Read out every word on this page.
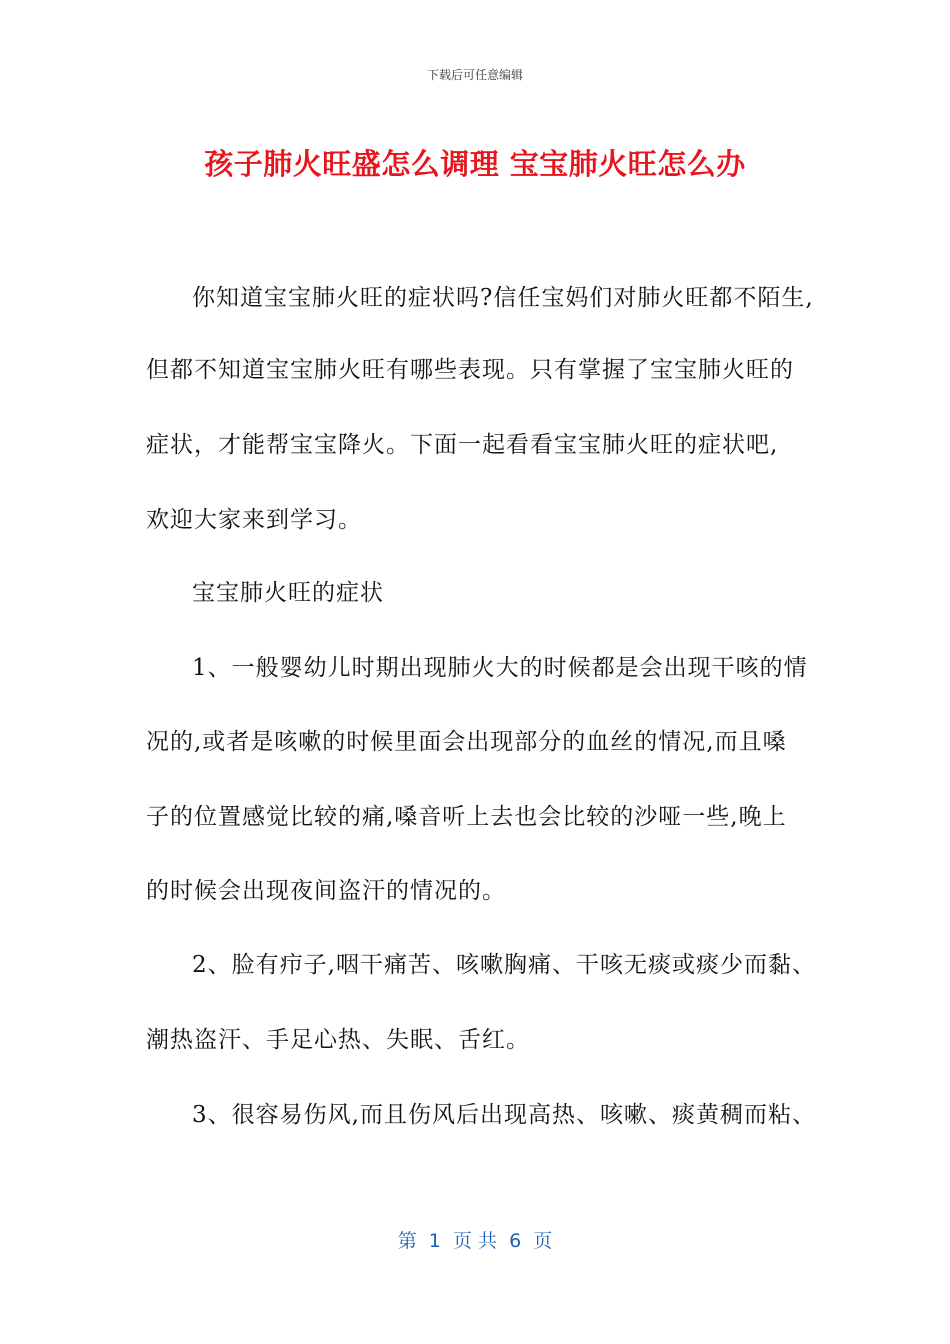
下载后可任意编辑
孩子肺火旺盛怎么调理 宝宝肺火旺怎么办
你知道宝宝肺火旺的症状吗?信任宝妈们对肺火旺都不陌生,
但都不知道宝宝肺火旺有哪些表现。只有掌握了宝宝肺火旺的
症状，才能帮宝宝降火。下面一起看看宝宝肺火旺的症状吧,
欢迎大家来到学习。
宝宝肺火旺的症状
1、一般婴幼儿时期出现肺火大的时候都是会出现干咳的情
况的,或者是咳嗽的时候里面会出现部分的血丝的情况,而且嗓
子的位置感觉比较的痛,嗓音听上去也会比较的沙哑一些,晚上
的时候会出现夜间盗汗的情况的。
2、脸有疖子,咽干痛苦、咳嗽胸痛、干咳无痰或痰少而黏、
潮热盗汗、手足心热、失眠、舌红。
3、很容易伤风,而且伤风后出现高热、咳嗽、痰黄稠而粘、
第  1  页 共  6  页
